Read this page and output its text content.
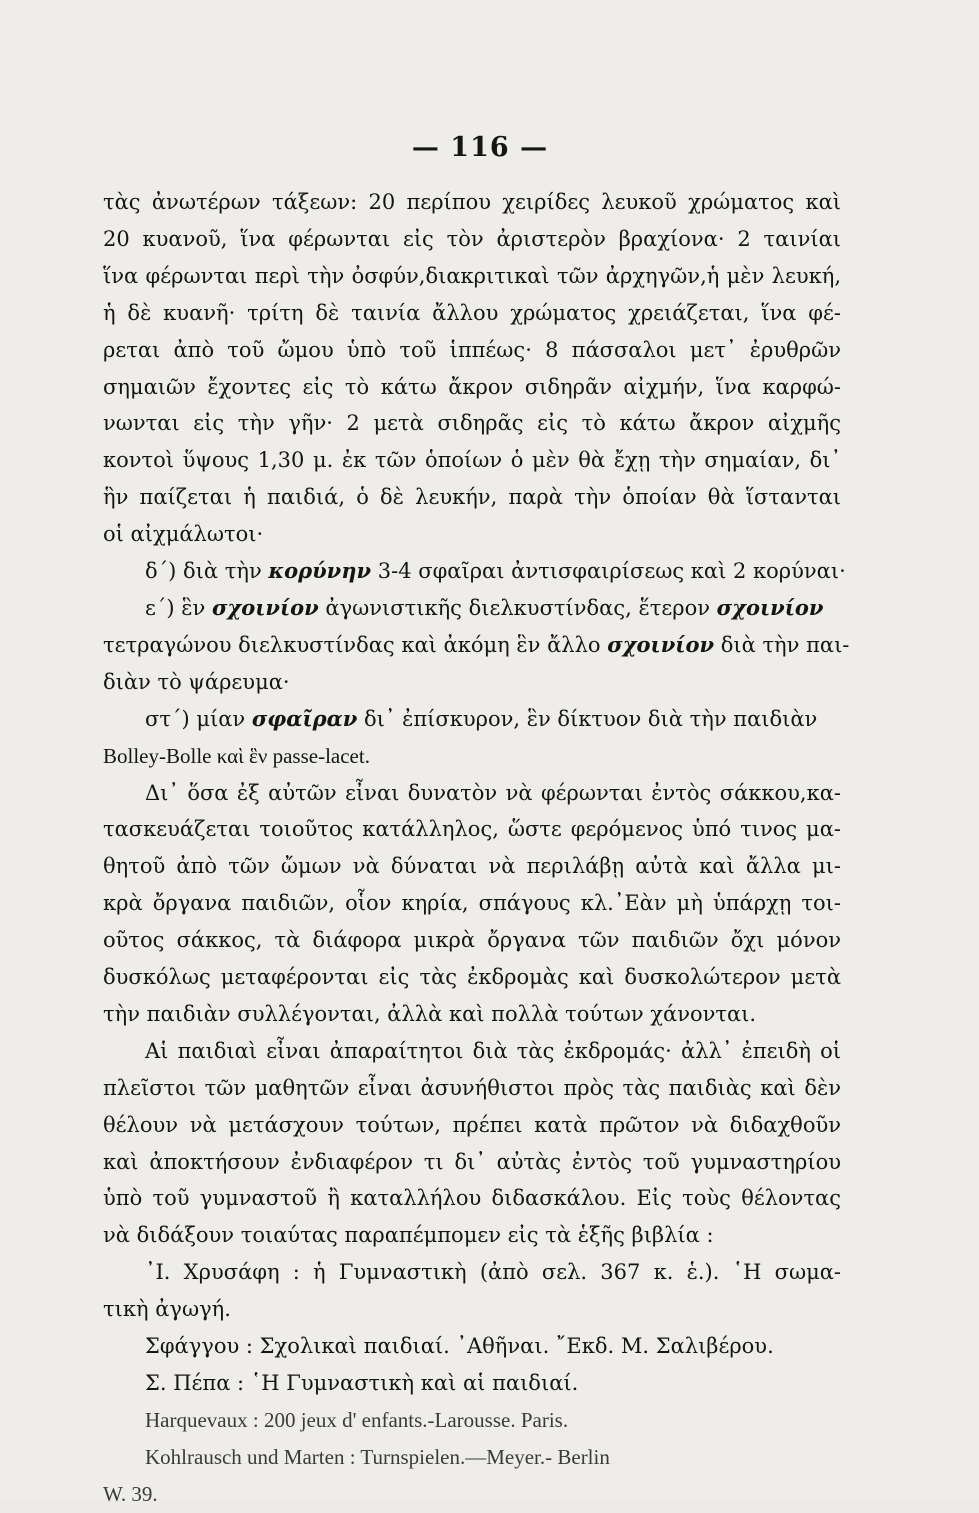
— 116 —
τὰς ἀνωτέρων τάξεων: 20 περίπου χειρίδες λευκοῦ χρώματος καὶ
20 κυανοῦ, ἵνα φέρωνται εἰς τὸν ἀριστερὸν βραχίονα· 2 ταινίαι
ἵνα φέρωνται περὶ τὴν ὀσφύν,διακριτικαὶ τῶν ἀρχηγῶν,ἡ μὲν λευκή,
ἡ δὲ κυανῆ· τρίτη δὲ ταινία ἄλλου χρώματος χρειάζεται, ἵνα φέ-
ρεται ἀπὸ τοῦ ὤμου ὑπὸ τοῦ ἱππέως· 8 πάσσαλοι μετ᾽ ἐρυθρῶν
σημαιῶν ἔχοντες εἰς τὸ κάτω ἄκρον σιδηρᾶν αἰχμήν, ἵνα καρφώ-
νωνται εἰς τὴν γῆν· 2 μετὰ σιδηρᾶς εἰς τὸ κάτω ἄκρον αἰχμῆς
κοντοὶ ὕψους 1,30 μ. ἐκ τῶν ὁποίων ὁ μὲν θὰ ἔχῃ τὴν σημαίαν, δι᾽
ἣν παίζεται ἡ παιδιά, ὁ δὲ λευκήν, παρὰ τὴν ὁποίαν θὰ ἵστανται
οἱ αἰχμάλωτοι·
δ´) διὰ τὴν κορύνην 3-4 σφαῖραι ἀντισφαιρίσεως καὶ 2 κορύναι·
ε´) ἓν σχοινίον ἀγωνιστικῆς διελκυστίνδας, ἕτερον σχοινίον
τετραγώνου διελκυστίνδας καὶ ἀκόμη ἓν ἄλλο σχοινίον διὰ τὴν παι-
διὰν τὸ ψάρευμα·
στ´) μίαν σφαῖραν δι᾽ ἐπίσκυρον, ἓν δίκτυον διὰ τὴν παιδιὰν
Bolley-Bolle καὶ ἓν passe-lacet.
Δι᾽ ὅσα ἐξ αὐτῶν εἶναι δυνατὸν νὰ φέρωνται ἐντὸς σάκκου,κα-
τασκευάζεται τοιοῦτος κατάλληλος, ὥστε φερόμενος ὑπό τινος μα-
θητοῦ ἀπὸ τῶν ὤμων νὰ δύναται νὰ περιλάβῃ αὐτὰ καὶ ἄλλα μι-
κρὰ ὄργανα παιδιῶν, οἷον κηρία, σπάγους κλ.᾽Εὰν μὴ ὑπάρχῃ τοι-
οῦτος σάκκος, τὰ διάφορα μικρὰ ὄργανα τῶν παιδιῶν ὄχι μόνον
δυσκόλως μεταφέρονται εἰς τὰς ἐκδρομὰς καὶ δυσκολώτερον μετὰ
τὴν παιδιὰν συλλέγονται, ἀλλὰ καὶ πολλὰ τούτων χάνονται.
Αἱ παιδιαὶ εἶναι ἀπαραίτητοι διὰ τὰς ἐκδρομάς· ἀλλ᾽ ἐπειδὴ οἱ
πλεῖστοι τῶν μαθητῶν εἶναι ἀσυνήθιστοι πρὸς τὰς παιδιὰς καὶ δὲν
θέλουν νὰ μετάσχουν τούτων, πρέπει κατὰ πρῶτον νὰ διδαχθοῦν
καὶ ἀποκτήσουν ἐνδιαφέρον τι δι᾽ αὐτὰς ἐντὸς τοῦ γυμναστηρίου
ὑπὸ τοῦ γυμναστοῦ ἢ καταλλήλου διδασκάλου. Εἰς τοὺς θέλοντας
νὰ διδάξουν τοιαύτας παραπέμπομεν εἰς τὰ ἑξῆς βιβλία :
᾽Ι. Χρυσάφη : ἡ Γυμναστικὴ (ἀπὸ σελ. 367 κ. ἑ.). ῾Η σωμα-
τικὴ ἀγωγή.
Σφάγγου : Σχολικαὶ παιδιαί. ᾽Αθῆναι. ῎Εκδ. Μ. Σαλιβέρου.
Σ. Πέπα : ῾Η Γυμναστικὴ καὶ αἱ παιδιαί.
Harquevaux : 200 jeux d' enfants.-Larousse. Paris.
Kohlrausch und Marten : Turnspielen.—Meyer.- Berlin
W. 39.
